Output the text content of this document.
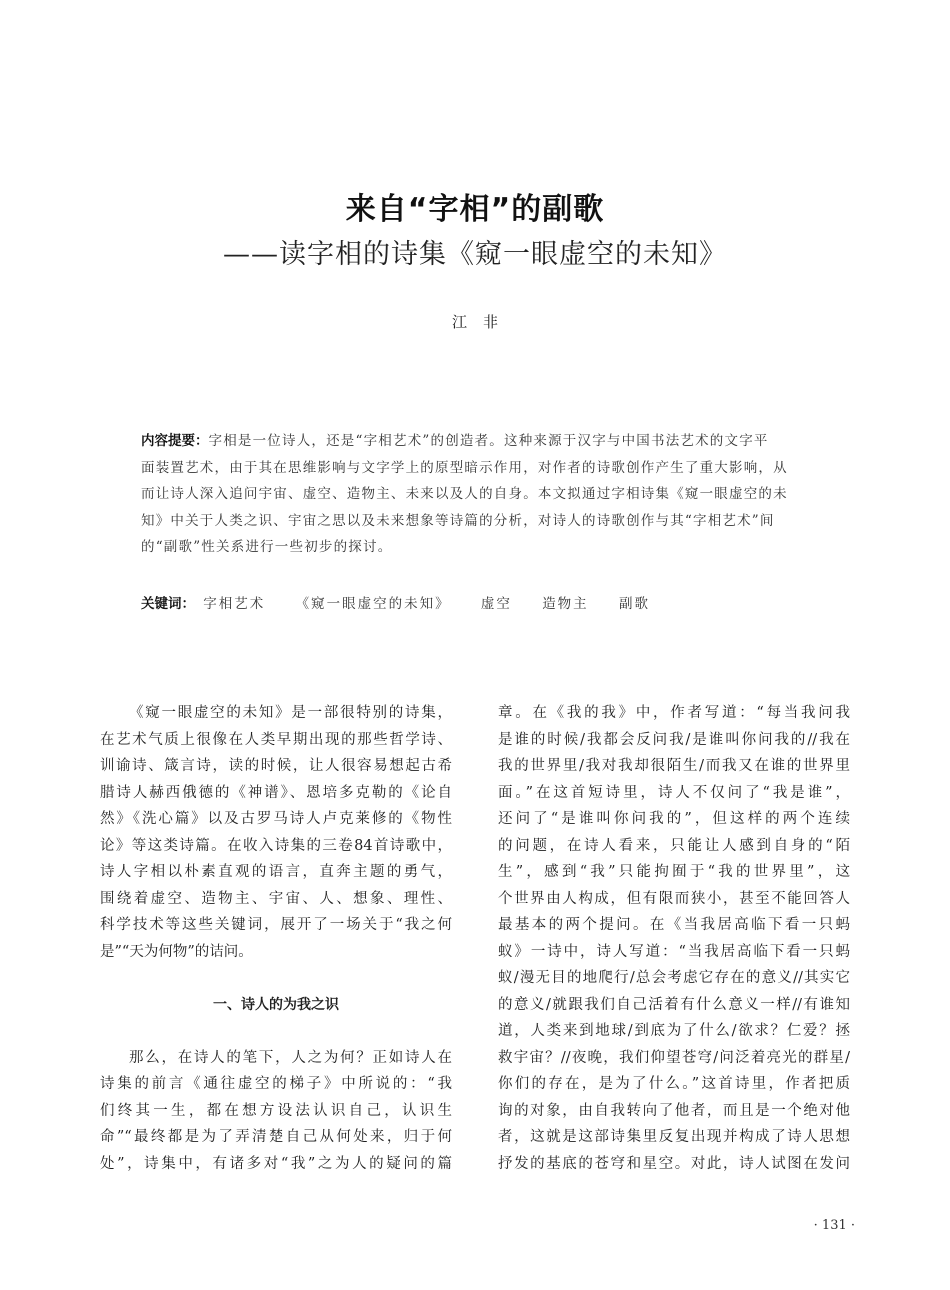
来自“字相”的副歌
——读字相的诗集《窥一眼虚空的未知》
江非
内容提要：字相是一位诗人，还是“字相艺术”的创造者。这种来源于汉字与中国书法艺术的文字平
面装置艺术，由于其在思维影响与文字学上的原型暗示作用，对作者的诗歌创作产生了重大影响，从
而让诗人深入追问宇宙、虚空、造物主、未来以及人的自身。本文拟通过字相诗集《窥一眼虚空的未
知》中关于人类之识、宇宙之思以及未来想象等诗篇的分析，对诗人的诗歌创作与其“字相艺术”间
的“副歌”性关系进行一些初步的探讨。
关键词： 字相艺术 《窥一眼虚空的未知》 虚空 造物主 副歌
《窥一眼虚空的未知》是一部很特别的诗集，
在艺术气质上很像在人类早期出现的那些哲学诗、
训谕诗、箴言诗，读的时候，让人很容易想起古希
腊诗人赫西俄德的《神谱》、恩培多克勒的《论自
然》《洗心篇》以及古罗马诗人卢克莱修的《物性
论》等这类诗篇。在收入诗集的三卷84首诗歌中，
诗人字相以朴素直观的语言，直奔主题的勇气，
围绕着虚空、造物主、宇宙、人、想象、理性、
科学技术等这些关键词，展开了一场关于“我之何
是”“天为何物”的诘问。
一、诗人的为我之识
那么，在诗人的笔下，人之为何？正如诗人在
诗集的前言《通往虚空的梯子》中所说的：“我
们终其一生，都在想方设法认识自己，认识生
命”“最终都是为了弄清楚自己从何处来，归于何
处”，诗集中，有诸多对“我”之为人的疑问的篇
章。在《我的我》中，作者写道：“每当我问我
是谁的时候/我都会反问我/是谁叫你问我的//我在
我的世界里/我对我却很陌生/而我又在谁的世界里
面。”在这首短诗里，诗人不仅问了“我是谁”，
还问了“是谁叫你问我的”，但这样的两个连续
的问题，在诗人看来，只能让人感到自身的“陌
生”，感到“我”只能拘囿于“我的世界里”，这
个世界由人构成，但有限而狭小，甚至不能回答人
最基本的两个提问。在《当我居高临下看一只蚂
蚁》一诗中，诗人写道：“当我居高临下看一只蚂
蚁/漫无目的地爬行/总会考虑它存在的意义//其实它
的意义/就跟我们自己活着有什么意义一样//有谁知
道，人类来到地球/到底为了什么/欲求？仁爱？拯
救宇宙？//夜晚，我们仰望苍穹/问泛着亮光的群星/
你们的存在，是为了什么。”这首诗里，作者把质
询的对象，由自我转向了他者，而且是一个绝对他
者，这就是这部诗集里反复出现并构成了诗人思想
抒发的基底的苍穹和星空。对此，诗人试图在发问
· 131 ·
